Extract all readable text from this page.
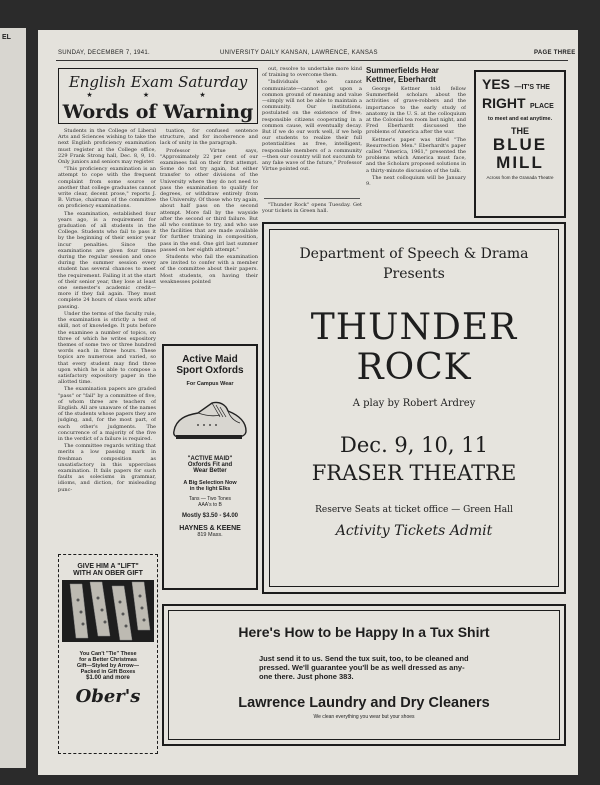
EL
SUNDAY, DECEMBER 7, 1941.	UNIVERSITY DAILY KANSAN, LAWRENCE, KANSAS	PAGE THREE
English Exam Saturday
★ ★ ★
Words of Warning

Students in the College of Liberal Arts and Sciences wishing to take the next English proficiency examination must register at the College office, 229 Frank Strong hall, Dec. 8, 9, 10. Only juniors and seniors may register.

"This proficiency examination is an attempt to cope with the frequent complaint from some source or another that college graduates cannot write clear, decent prose," reports J. B. Virtue, chairman of the committee on proficiency examinations.

The examination, established four years ago, is a requirement for graduation of all students in the College. Students who fail to pass it by the beginning of their senior year incur penalties. Since the examinations are given four times during the regular session and once during the summer session every student has several chances to meet the requirement. Failing it at the start of their senior year, they lose at least one semester's academic credit—more if they fail again. They must complete 24 hours of class work after passing.

Under the terms of the faculty rule, the examination is strictly a test of skill, not of knowledge. It puts before the examinee a number of topics, on three of which he writes expository themes of some two or three hundred words each in three hours. These topics are numerous and varied, so that every student may find three upon which he is able to compose a satisfactory expository paper in the allotted time.

The examination papers are graded "pass" or "fail" by a committee of five, of whom three are teachers of English. All are unaware of the names of the students whose papers they are judging, and, for the most part, of each other's judgments. The concurrence of a majority of the five in the verdict of a failure is required.

The committee regards writing that merits a low passing mark in freshman composition as unsatisfactory in this upperclass examination. It fails papers for such faults as solecisms in grammar, idioms, and diction, for misleading punc-

tuation, for confused sentence structure, and for incoherence and lack of unity in the paragraph.

Professor Virtue says, "Approximately 22 per cent of our examinees fail on their first attempt. Some do not try again, but either transfer to other divisions of the University where they do not need to pass the examination to qualify for degrees, or withdraw entirely from the University. Of those who try again, about half pass on the second attempt. More fall by the wayside after the second or third failure. But all who continue to try, and who use the facilities that are made available for further training in composition, pass in the end. One girl last summer passed on her eighth attempt."

Students who fail the examination are invited to confer with a member of the committee about their papers. Most students, on having their weaknesses pointed

out, resolve to undertake more kind of training to overcome them.

"Individuals who cannot communicate—cannot get upon a common ground of meaning and value —simply will not be able to maintain a community. Our institutions, postulated on the existence of free, responsible citizens cooperating in a common cause, will eventually decay. But if we do our work well, if we help our students to realize their full potentialities as free, intelligent, responsible members of a community—then our country will not succumb to any fake wave of the future," Professor Virtue pointed out.

"Thunder Rock" opens Tuesday. Get your tickets in Green hall.

Summerfields Hear Kettner, Eberhardt

George Kettner told fellow Summerfield scholars about the activities of grave-robbers and the importance to the early study of anatomy in the U. S. at the colloquium at the Colonial tea room last night, and Fred Eberhardt discussed the problems of America after the war.

Kettner's paper was titled "The Resurrection Men." Eberhardt's paper called "America, 1961," presented the problems which America must face, and the Scholars proposed solutions in a thirty-minute discussion of the talk.

The next colloquium will be January 9.

YES —IT'S THE
RIGHT PLACE
to meet and eat anytime.
THE
BLUE
MILL
Across from the Granada Theatre
Active Maid
Sport Oxfords
For Campus Wear
"ACTIVE MAID"
Oxfords Fit and
Wear Better
A Big Selection Now
in the light Elks
Tans — Two Tones
AAA's to B
Mostly $3.50 - $4.00
HAYNES & KEENE
819 Mass.
GIVE HIM A "LIFT"
WITH AN OBER GIFT
You Can't "Tie" These
for a Better Christmas
Gift—Styled by Arrow—
Packed in Gift Boxes
$1.00 and more
Ober's
Department of Speech & Drama
Presents
THUNDER
ROCK
A play by Robert Ardrey
Dec. 9, 10, 11
FRASER THEATRE
Reserve Seats at ticket office — Green Hall
Activity Tickets Admit
Here's How to be Happy In a Tux Shirt
Just send it to us. Send the tux suit, too, to be cleaned and
pressed. We'll guarantee you'll be as well dressed as any-
one there. Just phone 383.
Lawrence Laundry and Dry Cleaners
We clean everything you wear but your shoes
